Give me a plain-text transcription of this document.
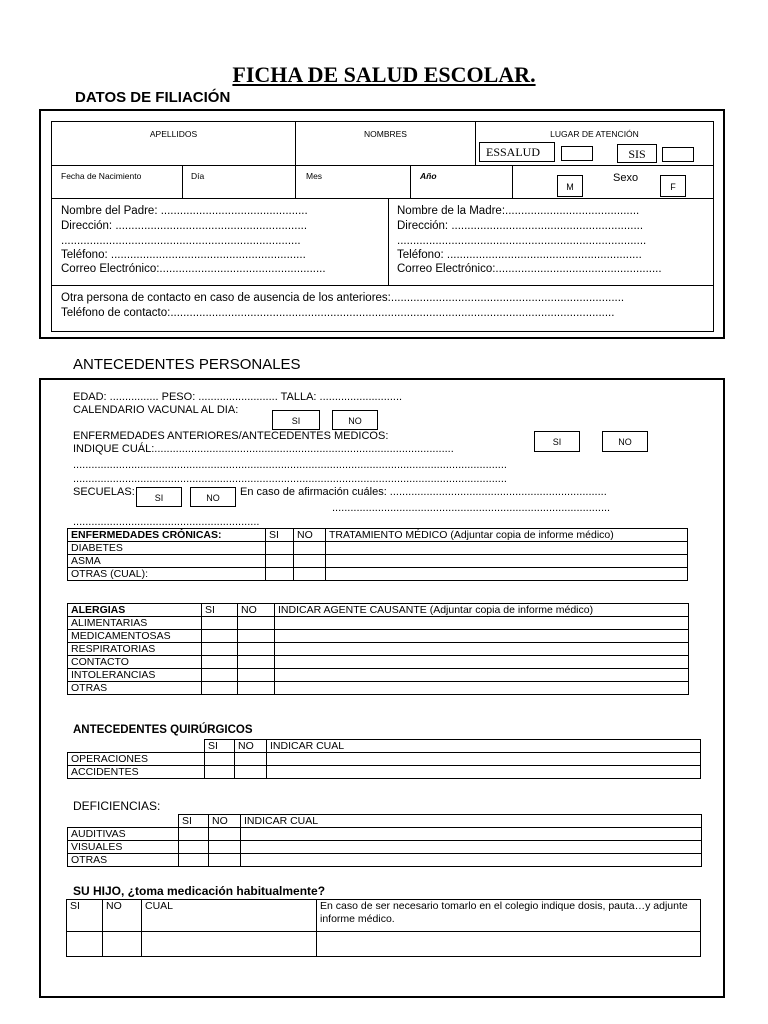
FICHA DE SALUD ESCOLAR.
DATOS DE FILIACIÓN
APELLIDOS	NOMBRES	LUGAR DE ATENCIÓN
ESSALUD	SIS
Fecha de Nacimiento	Día	Mes	Año	Sexo
M	F
Nombre del Padre: ..............................................
Dirección: ............................................................
...........................................................................
Teléfono: .............................................................
Correo Electrónico:....................................................
Nombre de la Madre:..........................................
Dirección: ............................................................
..............................................................................
Teléfono: .............................................................
Correo Electrónico:....................................................
Otra persona de contacto en caso de ausencia de los anteriores:.........................................................................
Teléfono de contacto:...........................................................................................................................................
ANTECEDENTES PERSONALES
EDAD: ................ PESO: .......................... TALLA: ...........................
CALENDARIO VACUNAL AL DIA:
SI	NO
ENFERMEDADES ANTERIORES/ANTECEDENTES MEDICOS:
INDIQUE CUÁL:..................................................................................................
SI	NO
..............................................................................................................................................
..............................................................................................................................................
SECUELAS:	SI	NO	En caso de afirmación cuáles: .......................................................................
...........................................................................................
.............................................................
ENFERMEDADES CRÓNICAS:	SI	NO	TRATAMIENTO MÉDICO (Adjuntar copia de informe médico)
DIABETES			
ASMA			
OTRAS (CUAL):			
ALERGIAS	SI	NO	INDICAR AGENTE CAUSANTE (Adjuntar copia de informe médico)
ALIMENTARIAS			
MEDICAMENTOSAS			
RESPIRATORIAS			
CONTACTO			
INTOLERANCIAS			
OTRAS			
ANTECEDENTES QUIRÚRGICOS
	SI	NO	INDICAR CUAL
OPERACIONES			
ACCIDENTES			
DEFICIENCIAS:
	SI	NO	INDICAR CUAL
AUDITIVAS			
VISUALES			
OTRAS			
SU HIJO, ¿toma medicación habitualmente?
SI	NO	CUAL	En caso de ser necesario tomarlo en el colegio indique dosis, pauta…y adjunte informe médico.
